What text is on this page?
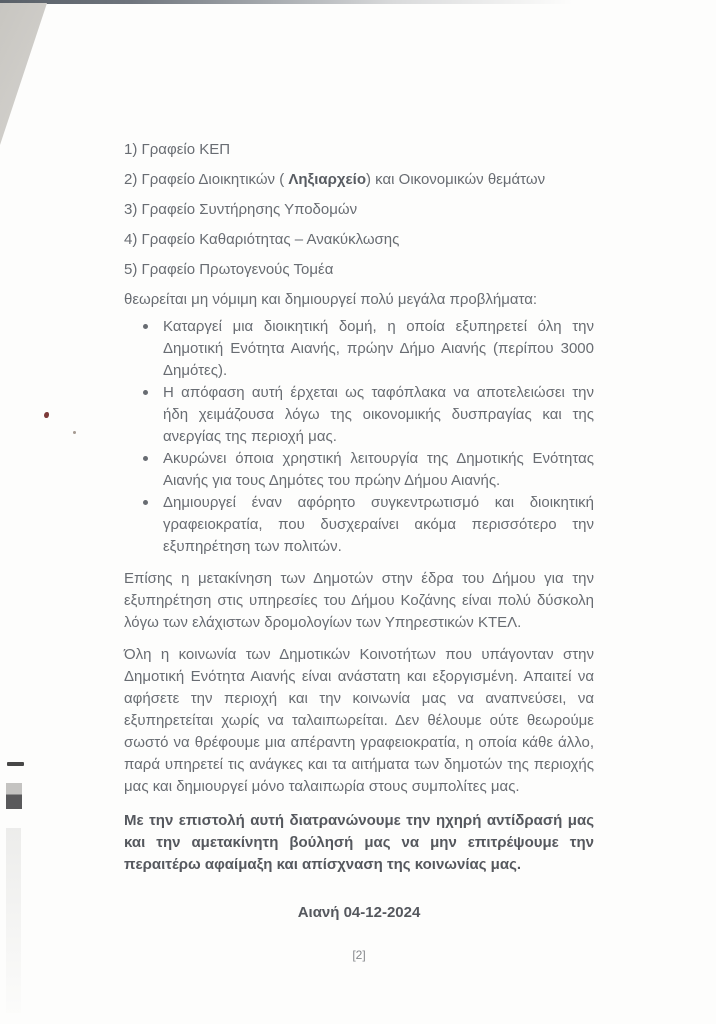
1) Γραφείο ΚΕΠ
2) Γραφείο Διοικητικών ( Ληξιαρχείο) και Οικονομικών θεμάτων
3) Γραφείο Συντήρησης Υποδομών
4) Γραφείο Καθαριότητας – Ανακύκλωσης
5) Γραφείο Πρωτογενούς Τομέα

θεωρείται μη νόμιμη και δημιουργεί πολύ μεγάλα προβλήματα:

Καταργεί μια διοικητική δομή, η οποία εξυπηρετεί όλη την Δημοτική Ενότητα Αιανής, πρώην Δήμο Αιανής (περίπου 3000 Δημότες).
Η απόφαση αυτή έρχεται ως ταφόπλακα να αποτελειώσει την ήδη χειμάζουσα λόγω της οικονομικής δυσπραγίας και της ανεργίας της περιοχή μας.
Ακυρώνει όποια χρηστική λειτουργία της Δημοτικής Ενότητας Αιανής για τους Δημότες του πρώην Δήμου Αιανής.
Δημιουργεί έναν αφόρητο συγκεντρωτισμό και διοικητική γραφειοκρατία, που δυσχεραίνει ακόμα περισσότερο την εξυπηρέτηση των πολιτών.

Επίσης η μετακίνηση των Δημοτών στην έδρα του Δήμου για την εξυπηρέτηση στις υπηρεσίες του Δήμου Κοζάνης είναι πολύ δύσκολη λόγω των ελάχιστων δρομολογίων των Υπηρεστικών ΚΤΕΛ.

Όλη η κοινωνία των Δημοτικών Κοινοτήτων που υπάγονταν στην Δημοτική Ενότητα Αιανής είναι ανάστατη και εξοργισμένη. Απαιτεί να αφήσετε την περιοχή και την κοινωνία μας να αναπνεύσει, να εξυπηρετείται χωρίς να ταλαιπωρείται. Δεν θέλουμε ούτε θεωρούμε σωστό να θρέφουμε μια απέραντη γραφειοκρατία, η οποία κάθε άλλο, παρά υπηρετεί τις ανάγκες και τα αιτήματα των δημοτών της περιοχής μας και δημιουργεί μόνο ταλαιπωρία στους συμπολίτες μας.

Με την επιστολή αυτή διατρανώνουμε την ηχηρή αντίδρασή μας και την αμετακίνητη βούλησή μας να μην επιτρέψουμε την περαιτέρω αφαίμαξη και απίσχναση της κοινωνίας μας.

Αιανή 04-12-2024

[2]
